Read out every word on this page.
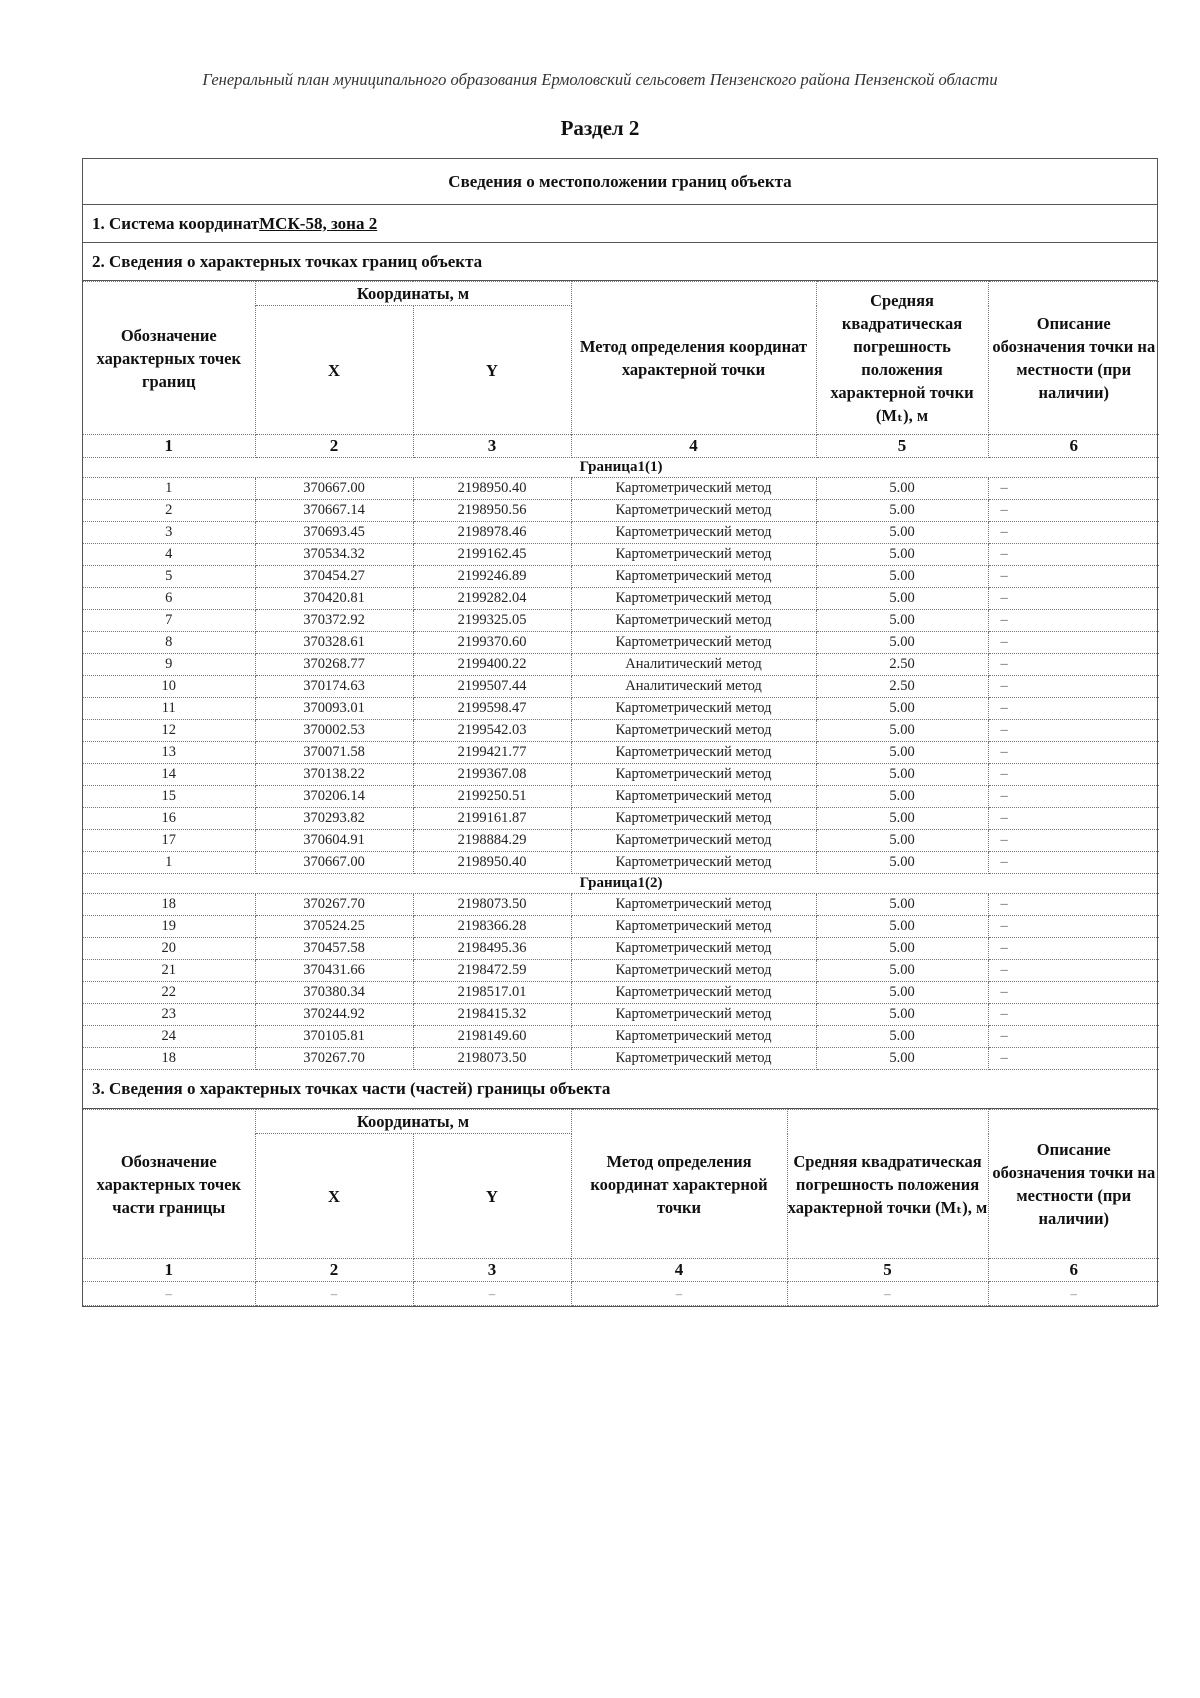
Генеральный план муниципального образования Ермоловский сельсовет Пензенского района Пензенской области
Раздел 2
Сведения о местоположении границ объекта
1. Система координат МСК-58, зона 2
2. Сведения о характерных точках границ объекта
Обозначение характерных точек границ	Координаты, м		Метод определения координат характерной точки	Средняя квадратическая погрешность положения характерной точки (Mₜ), м	Описание обозначения точки на местности (при наличии)
	X	Y			
1	2	3	4	5	6
Граница1(1)					
1	370667.00	2198950.40	Картометрический метод	5.00	–
2	370667.14	2198950.56	Картометрический метод	5.00	–
3	370693.45	2198978.46	Картометрический метод	5.00	–
4	370534.32	2199162.45	Картометрический метод	5.00	–
5	370454.27	2199246.89	Картометрический метод	5.00	–
6	370420.81	2199282.04	Картометрический метод	5.00	–
7	370372.92	2199325.05	Картометрический метод	5.00	–
8	370328.61	2199370.60	Картометрический метод	5.00	–
9	370268.77	2199400.22	Аналитический метод	2.50	–
10	370174.63	2199507.44	Аналитический метод	2.50	–
11	370093.01	2199598.47	Картометрический метод	5.00	–
12	370002.53	2199542.03	Картометрический метод	5.00	–
13	370071.58	2199421.77	Картометрический метод	5.00	–
14	370138.22	2199367.08	Картометрический метод	5.00	–
15	370206.14	2199250.51	Картометрический метод	5.00	–
16	370293.82	2199161.87	Картометрический метод	5.00	–
17	370604.91	2198884.29	Картометрический метод	5.00	–
1	370667.00	2198950.40	Картометрический метод	5.00	–
Граница1(2)					
18	370267.70	2198073.50	Картометрический метод	5.00	–
19	370524.25	2198366.28	Картометрический метод	5.00	–
20	370457.58	2198495.36	Картометрический метод	5.00	–
21	370431.66	2198472.59	Картометрический метод	5.00	–
22	370380.34	2198517.01	Картометрический метод	5.00	–
23	370244.92	2198415.32	Картометрический метод	5.00	–
24	370105.81	2198149.60	Картометрический метод	5.00	–
18	370267.70	2198073.50	Картометрический метод	5.00	–
3. Сведения о характерных точках части (частей) границы объекта
Обозначение характерных точек части границы	Координаты, м		Метод определения координат характерной точки	Средняя квадратическая погрешность положения характерной точки (Mₜ), м	Описание обозначения точки на местности (при наличии)
	X	Y			
1	2	3	4	5	6
–	–	–	–	–	–
